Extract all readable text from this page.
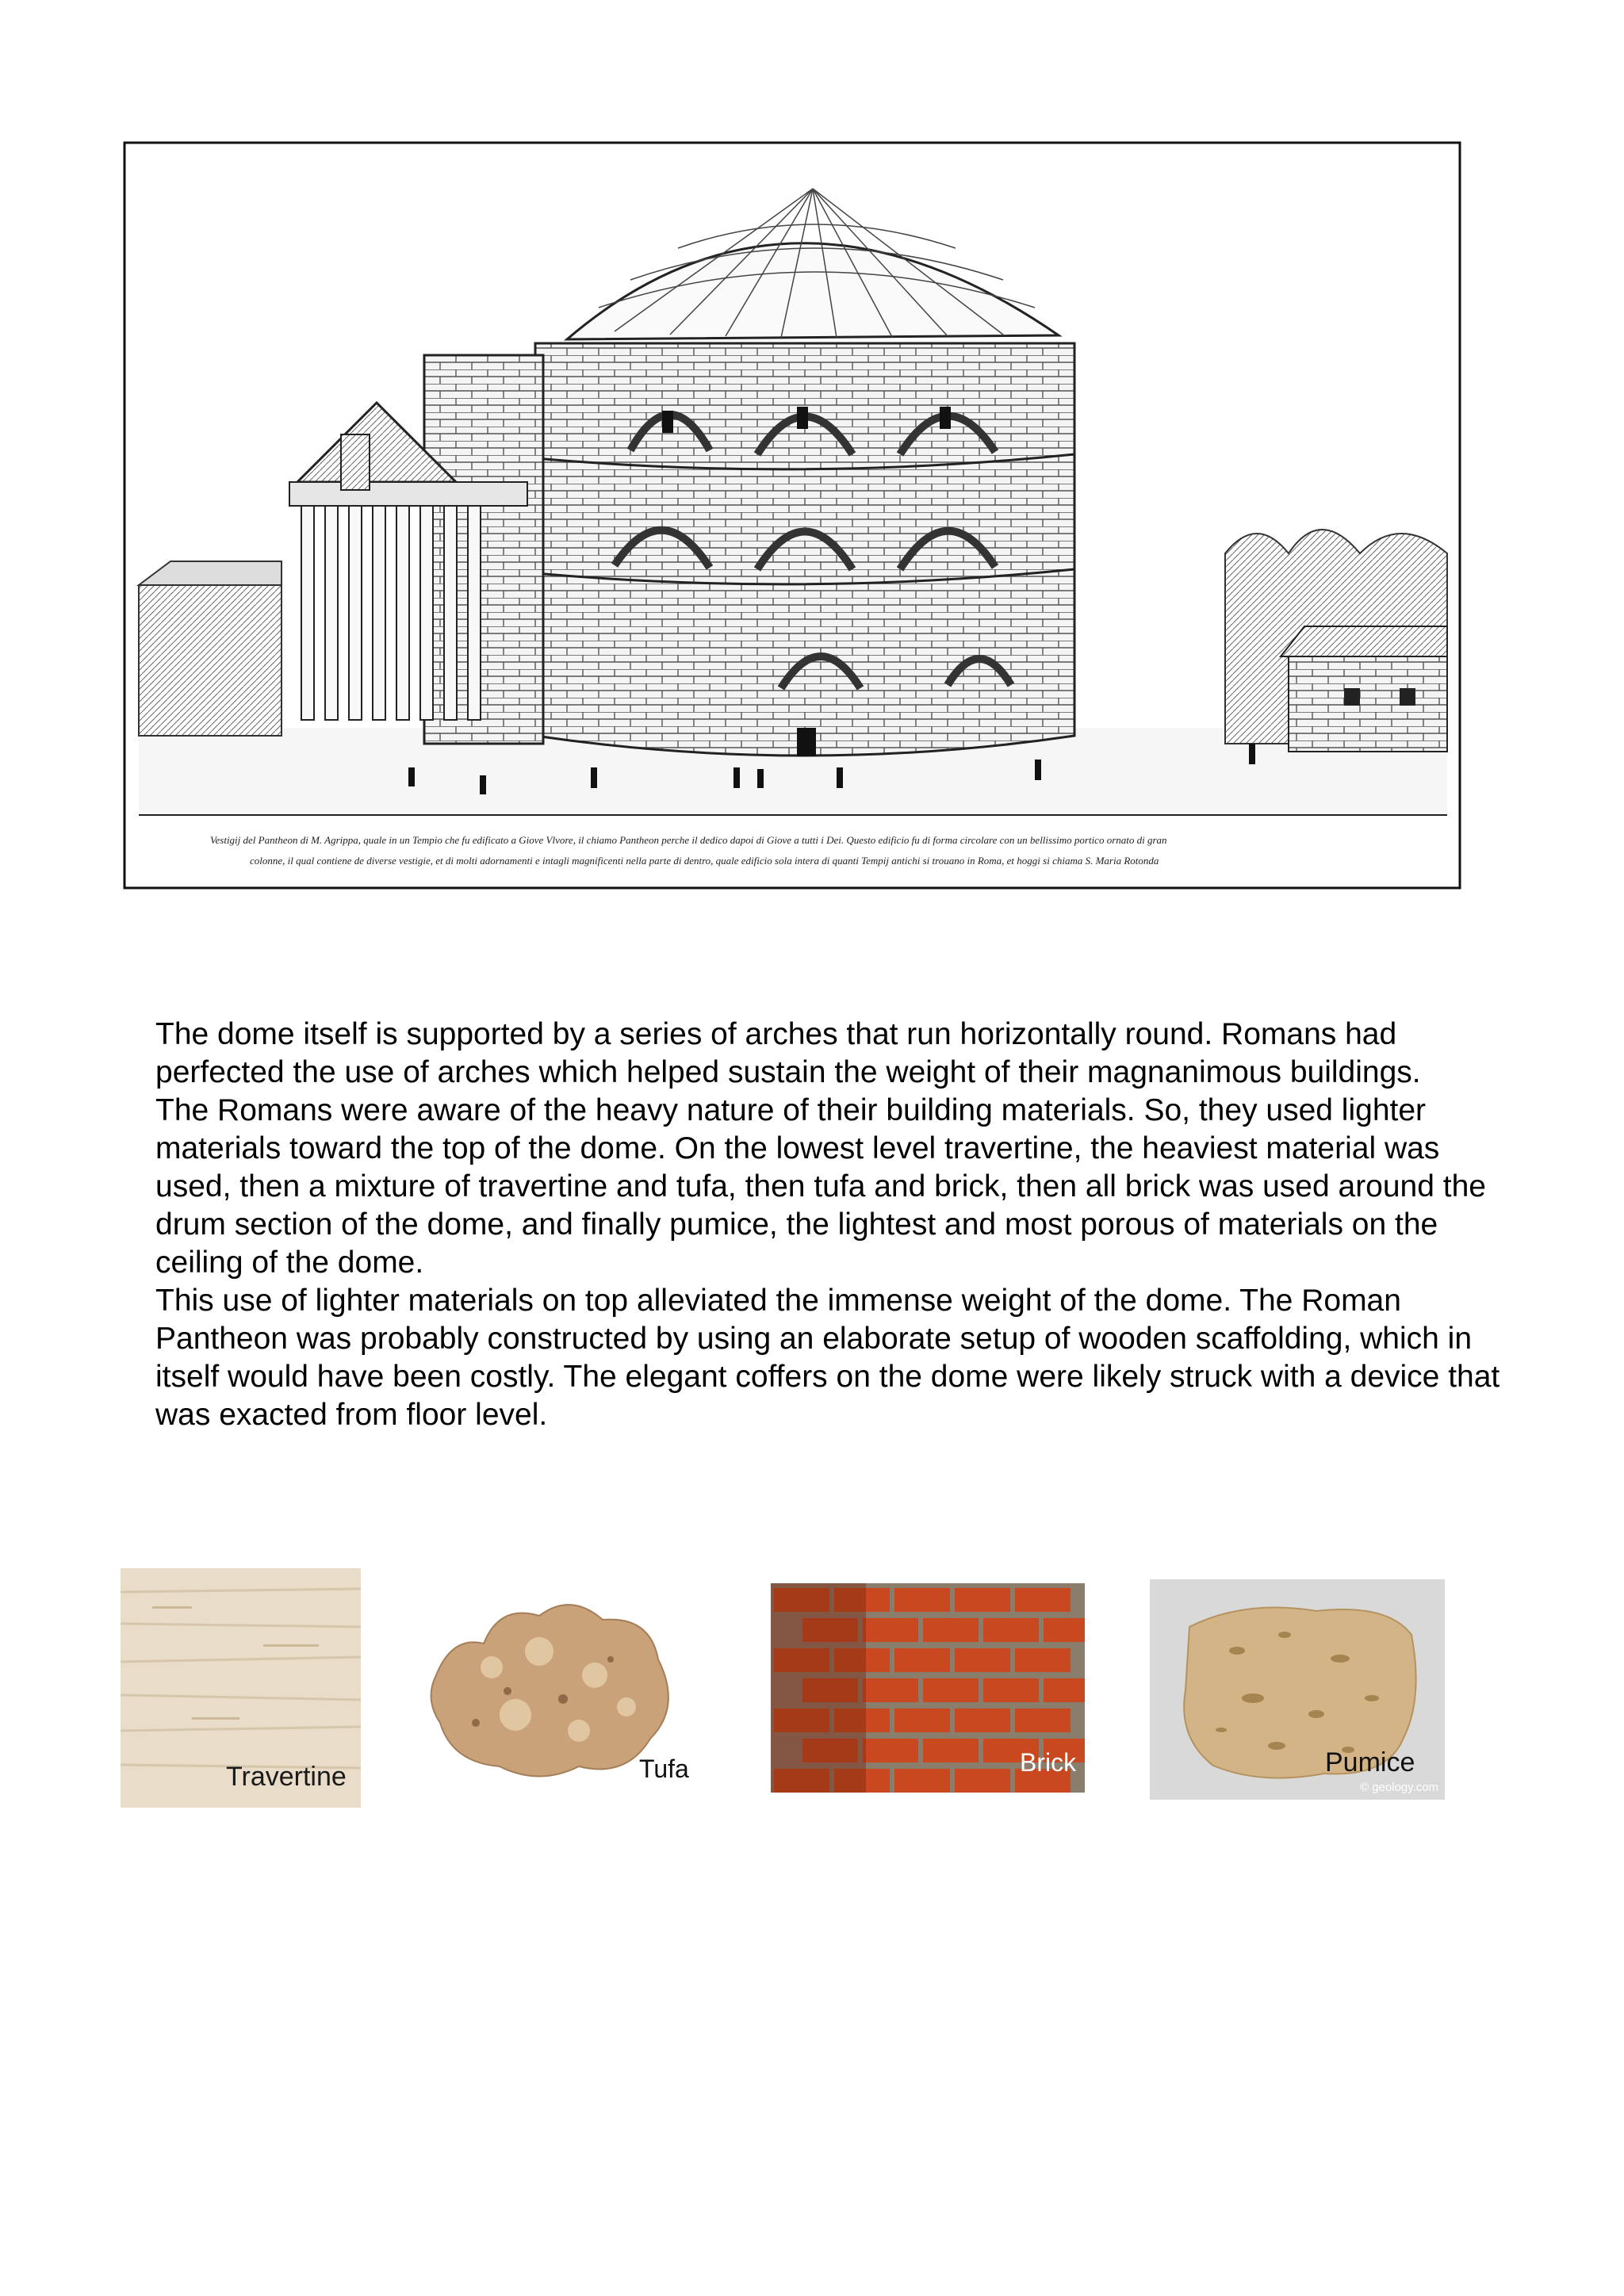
Vestigij del Pantheon di M. Agrippa, quale in un Tempio che fu edificato a Giove Vlvore, il chiamo Pantheon perche il dedico dapoi di Giove a tutti i Dei. Questo edificio fu di forma circolare con un bellissimo portico ornato di gran
colonne, il qual contiene de diverse vestigie, et di molti adornamenti e intagli magnificenti nella parte di dentro, quale edificio sola intera di quanti Tempij antichi si trouano in Roma, et hoggi si chiama S. Maria Rotonda

The dome itself is supported by a series of arches that run horizontally round. Romans had perfected the use of arches which helped sustain the weight of their magnanimous buildings.

The Romans were aware of the heavy nature of their building materials. So, they used lighter materials toward the top of the dome. On the lowest level travertine, the heaviest material was used, then a mixture of travertine and tufa, then tufa and brick, then all brick was used around the drum section of the dome, and finally pumice, the lightest and most porous of materials on the ceiling of the dome.

This use of lighter materials on top alleviated the immense weight of the dome. The Roman Pantheon was probably constructed by using an elaborate setup of wooden scaffolding, which in itself would have been costly. The elegant coffers on the dome were likely struck with a device that was exacted from floor level.

Travertine	Tufa	Brick	Pumice
© geology.com
